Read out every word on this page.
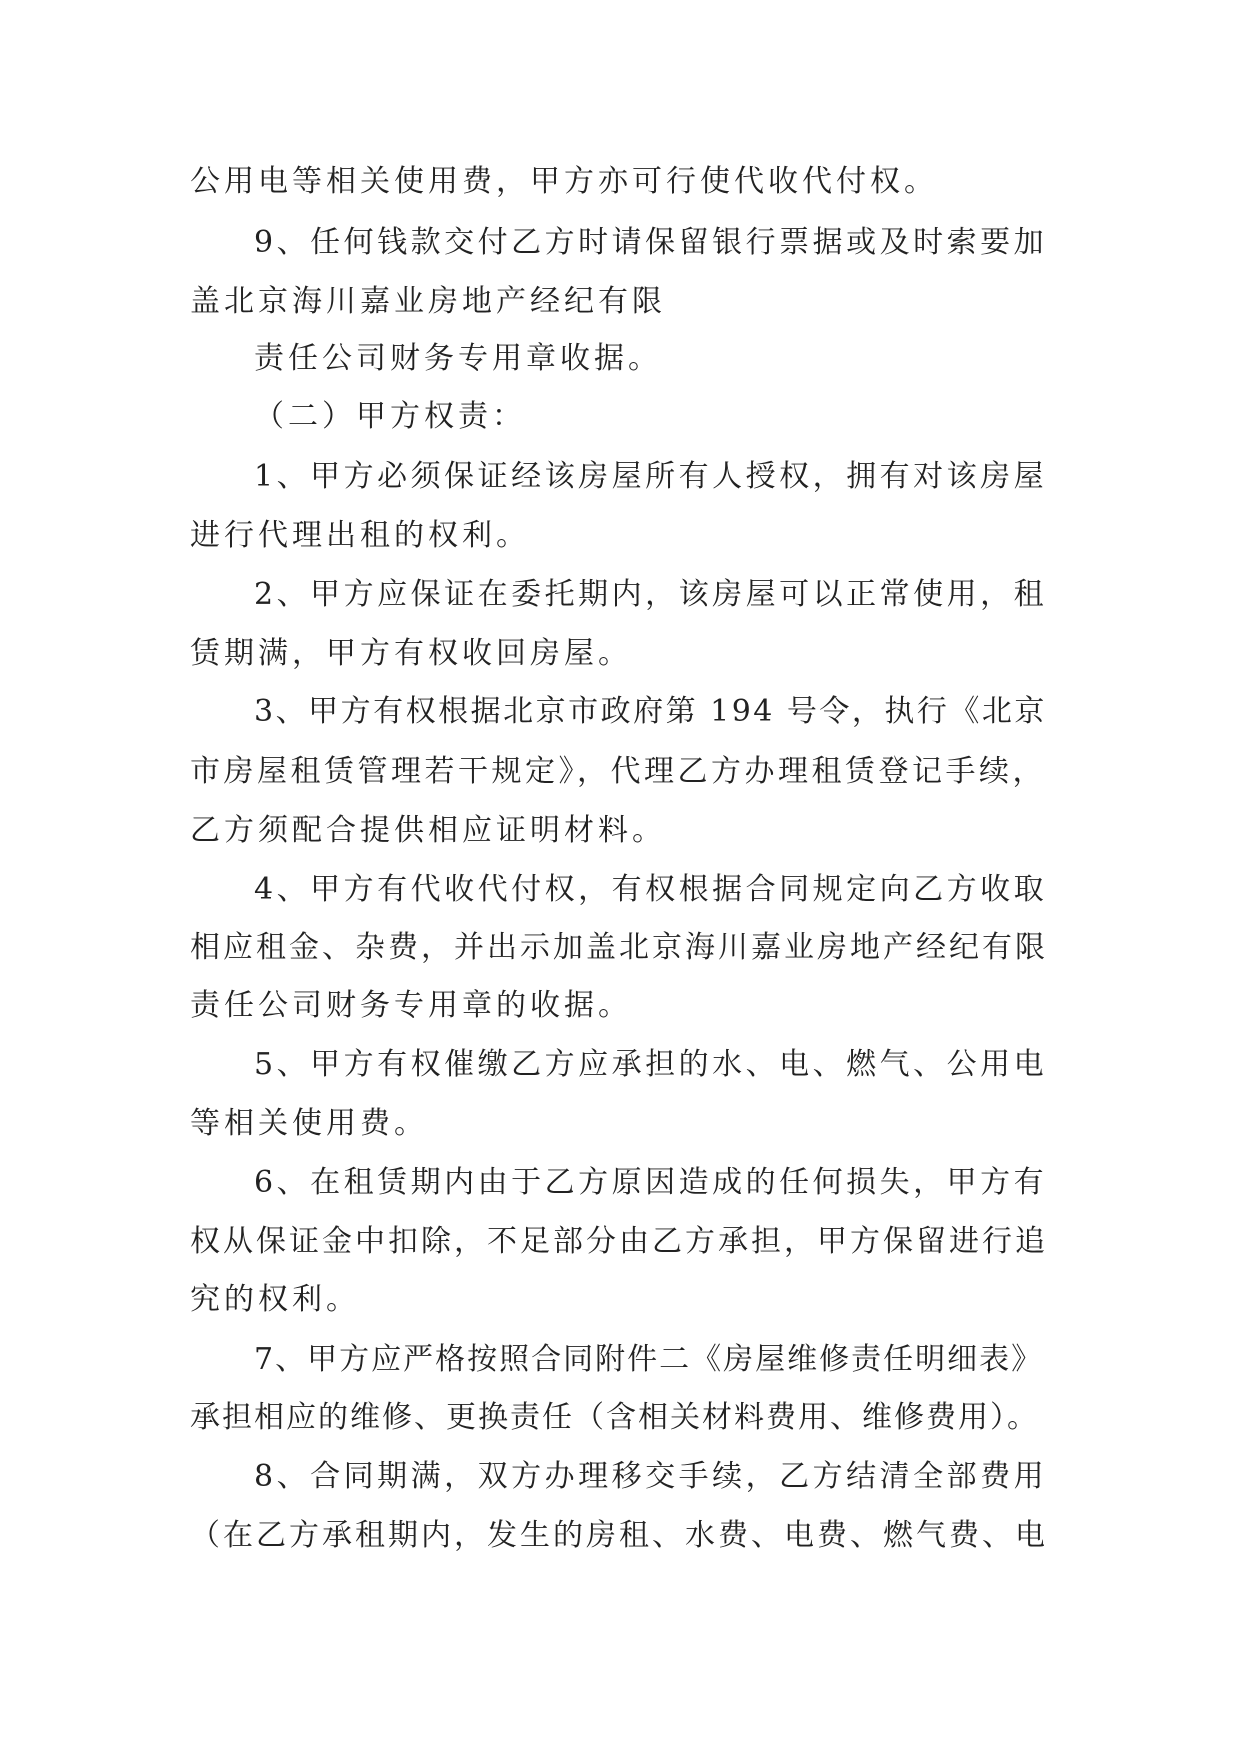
公用电等相关使用费，甲方亦可行使代收代付权。
9、任何钱款交付乙方时请保留银行票据或及时索要加
盖北京海川嘉业房地产经纪有限
责任公司财务专用章收据。
（二）甲方权责：
1、甲方必须保证经该房屋所有人授权，拥有对该房屋
进行代理出租的权利。
2、甲方应保证在委托期内，该房屋可以正常使用，租
赁期满，甲方有权收回房屋。
3、甲方有权根据北京市政府第 194 号令，执行《北京
市房屋租赁管理若干规定》，代理乙方办理租赁登记手续，
乙方须配合提供相应证明材料。
4、甲方有代收代付权，有权根据合同规定向乙方收取
相应租金、杂费，并出示加盖北京海川嘉业房地产经纪有限
责任公司财务专用章的收据。
5、甲方有权催缴乙方应承担的水、电、燃气、公用电
等相关使用费。
6、在租赁期内由于乙方原因造成的任何损失，甲方有
权从保证金中扣除，不足部分由乙方承担，甲方保留进行追
究的权利。
7、甲方应严格按照合同附件二《房屋维修责任明细表》
承担相应的维修、更换责任（含相关材料费用、维修费用）。
8、合同期满，双方办理移交手续，乙方结清全部费用
（在乙方承租期内，发生的房租、水费、电费、燃气费、电
